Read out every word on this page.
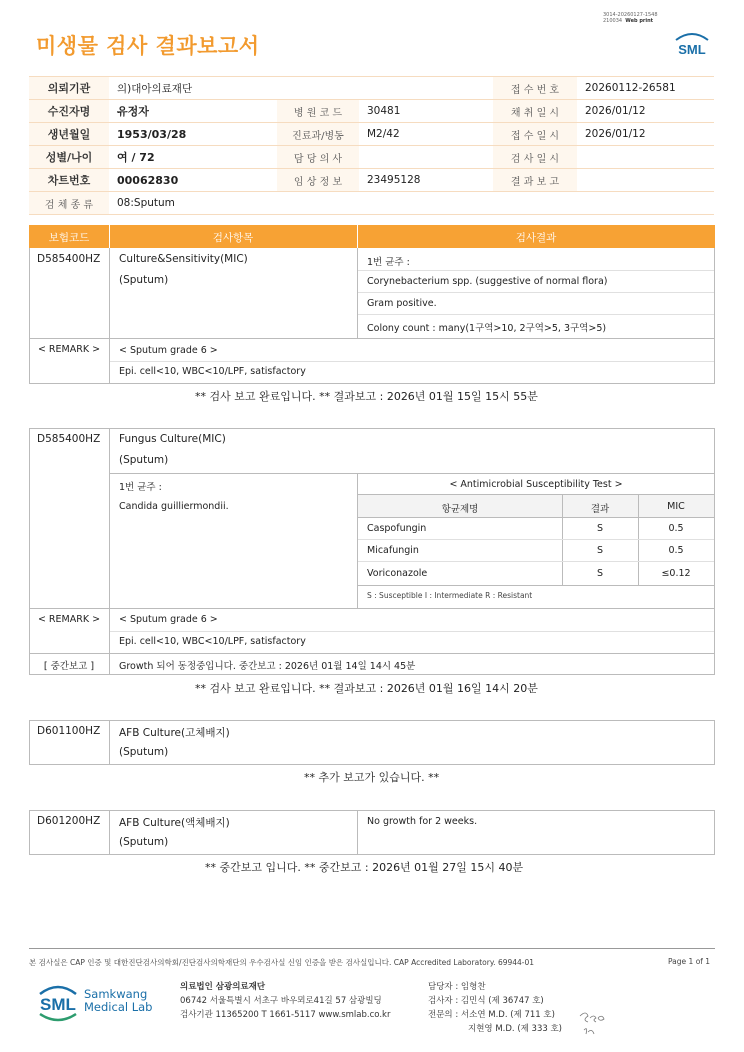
미생물 검사 결과보고서
3014-20260127-1548
210034 Web print
SML
의뢰기관	의)대아의료재단			접 수 번 호	20260112-26581
수진자명	유정자	병 원 코 드	30481	채 취 일 시	2026/01/12
생년월일	1953/03/28	진료과/병동	M2/42	접 수 일 시	2026/01/12
성별/나이	여 / 72	담 당 의 사		검 사 일 시	
차트번호	00062830	임 상 정 보	23495128	결 과 보 고	
검 체 종 류	08:Sputum				
보험코드	검사항목	검사결과
D585400HZ Culture&Sensitivity(MIC)
(Sputum)
1번 균주 :
Corynebacterium spp. (suggestive of normal flora)
Gram positive.
Colony count : many(1구역>10, 2구역>5, 3구역>5)
< REMARK >	< Sputum grade 6 >
Epi. cell<10, WBC<10/LPF, satisfactory
** 검사 보고 완료입니다. ** 결과보고 : 2026년 01월 15일 15시 55분
D585400HZ Fungus Culture(MIC)
(Sputum)
1번 균주 :
Candida guilliermondii.
< Antimicrobial Susceptibility Test >
항균제명	결과	MIC
Caspofungin	S	0.5
Micafungin	S	0.5
Voriconazole	S	≤0.12
S : Susceptible I : Intermediate R : Resistant
< REMARK >	< Sputum grade 6 >
Epi. cell<10, WBC<10/LPF, satisfactory
[ 중간보고 ]	Growth 되어 동정중입니다. 중간보고 : 2026년 01월 14일 14시 45분
** 검사 보고 완료입니다. ** 결과보고 : 2026년 01월 16일 14시 20분
D601100HZ AFB Culture(고체배지)
(Sputum)
** 추가 보고가 있습니다. **
D601200HZ AFB Culture(액체배지)
(Sputum)
No growth for 2 weeks.
** 중간보고 입니다. ** 중간보고 : 2026년 01월 27일 15시 40분
본 검사실은 CAP 인증 및 대한진단검사의학회/진단검사의학재단의 우수검사실 신임 인증을 받은 검사실입니다. CAP Accredited Laboratory. 69944-01	Page 1 of 1
SML
Samkwang
Medical Lab
의료법인 삼광의료재단
06742 서울특별시 서초구 바우뫼로41길 57 삼광빌딩
검사기관 11365200 T 1661-5117 www.smlab.co.kr
담당자 : 임형찬
검사자 : 김민식 (제 36747 호)
전문의 : 서소연 M.D. (제 711 호)
지현영 M.D. (제 333 호)
